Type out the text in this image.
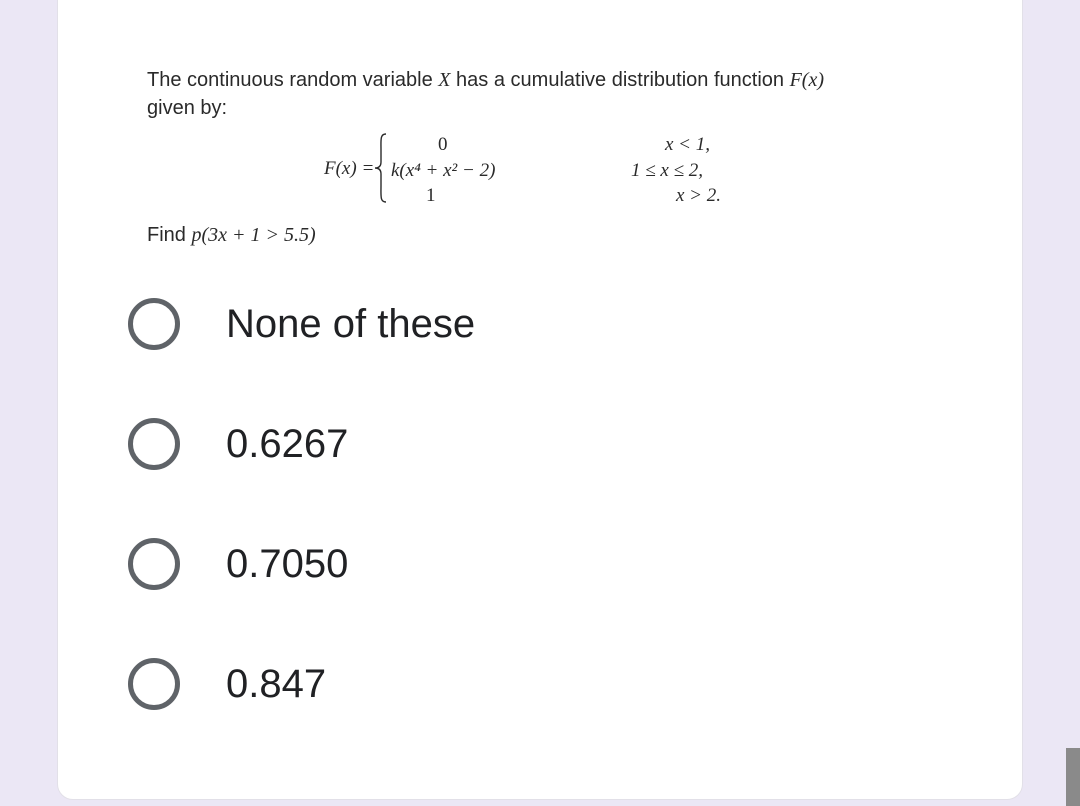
The continuous random variable X has a cumulative distribution function F(x)
given by:

F(x) =
0
k(x⁴ + x² − 2)
1
x < 1,
1 ≤ x ≤ 2,
x > 2.
Find p(3x + 1 > 5.5)
None of these
0.6267
0.7050
0.847
